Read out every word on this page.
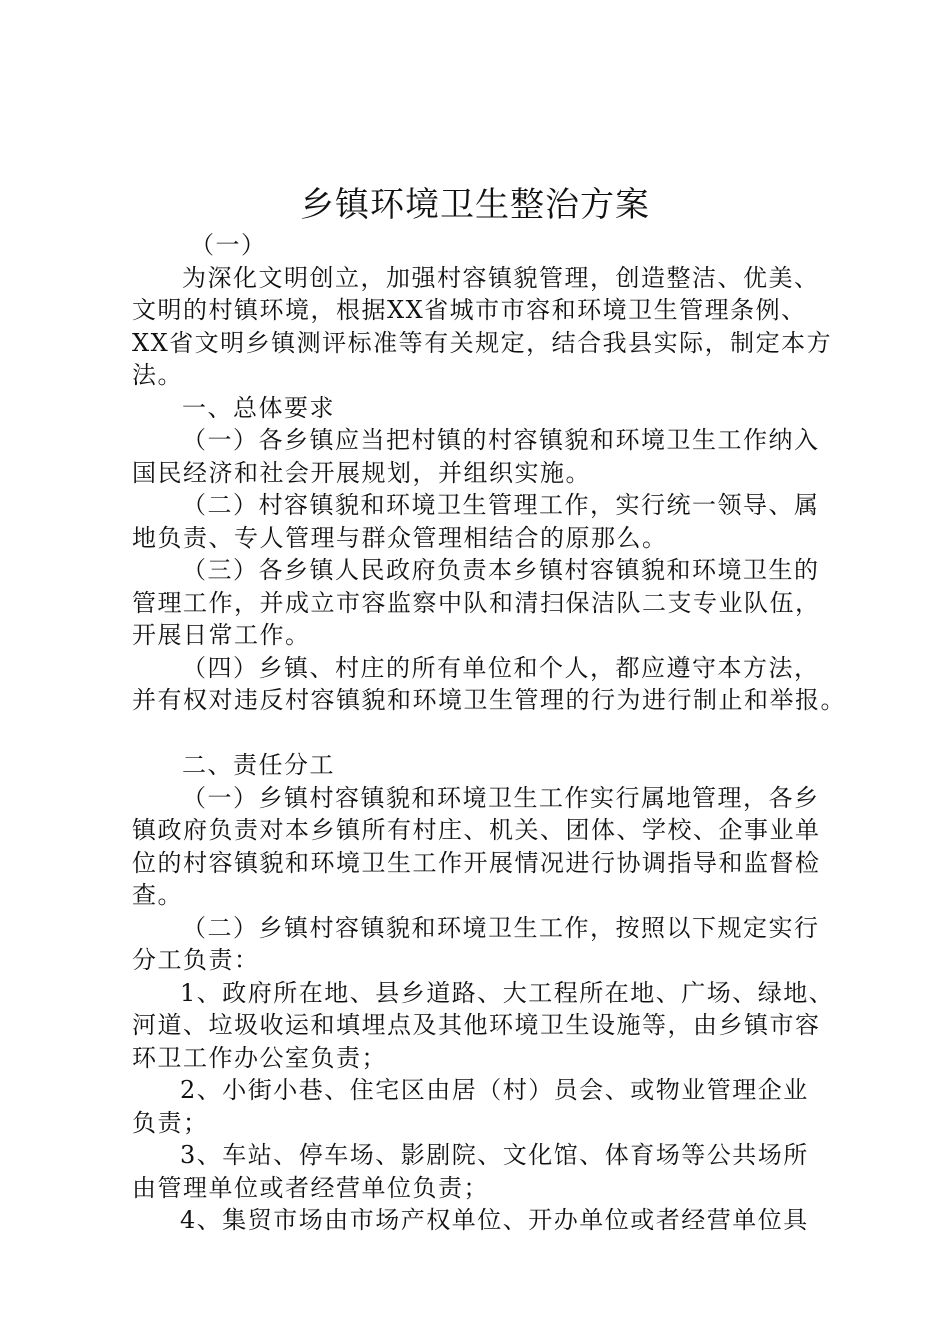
乡镇环境卫生整治方案
（一）
为深化文明创立，加强村容镇貌管理，创造整洁、优美、
文明的村镇环境，根据XX省城市市容和环境卫生管理条例、
XX省文明乡镇测评标准等有关规定，结合我县实际，制定本方
法。
一、总体要求
（一）各乡镇应当把村镇的村容镇貌和环境卫生工作纳入
国民经济和社会开展规划，并组织实施。
（二）村容镇貌和环境卫生管理工作，实行统一领导、属
地负责、专人管理与群众管理相结合的原那么。
（三）各乡镇人民政府负责本乡镇村容镇貌和环境卫生的
管理工作，并成立市容监察中队和清扫保洁队二支专业队伍，
开展日常工作。
（四）乡镇、村庄的所有单位和个人，都应遵守本方法，
并有权对违反村容镇貌和环境卫生管理的行为进行制止和举报。
二、责任分工
（一）乡镇村容镇貌和环境卫生工作实行属地管理，各乡
镇政府负责对本乡镇所有村庄、机关、团体、学校、企事业单
位的村容镇貌和环境卫生工作开展情况进行协调指导和监督检
查。
（二）乡镇村容镇貌和环境卫生工作，按照以下规定实行
分工负责：
1、政府所在地、县乡道路、大工程所在地、广场、绿地、
河道、垃圾收运和填埋点及其他环境卫生设施等，由乡镇市容
环卫工作办公室负责；
2、小街小巷、住宅区由居（村）员会、或物业管理企业
负责；
3、车站、停车场、影剧院、文化馆、体育场等公共场所
由管理单位或者经营单位负责；
4、集贸市场由市场产权单位、开办单位或者经营单位具
